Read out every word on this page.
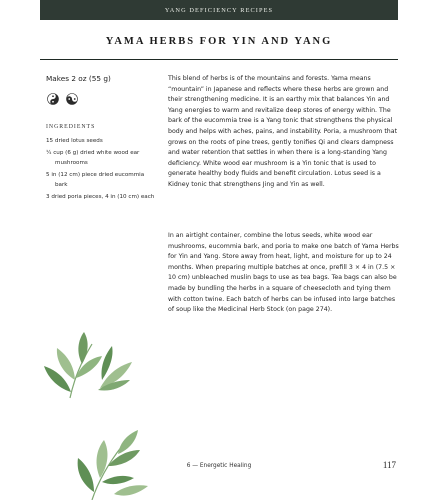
YANG DEFICIENCY RECIPES
YAMA HERBS FOR YIN AND YANG
Makes 2 oz (55 g)
INGREDIENTS
15 dried lotus seeds
¼ cup (6 g) dried white wood ear mushrooms
5 in (12 cm) piece dried eucommia bark
3 dried poria pieces, 4 in (10 cm) each

This blend of herbs is of the mountains and forests. Yama means “mountain” in Japanese and reflects where these herbs are grown and their strengthening medicine. It is an earthy mix that balances Yin and Yang energies to warm and revitalize deep stores of energy within. The bark of the eucommia tree is a Yang tonic that strengthens the physical body and helps with aches, pains, and instability. Poria, a mushroom that grows on the roots of pine trees, gently tonifies Qi and clears dampness and water retention that settles in when there is a long-standing Yang deficiency. White wood ear mushroom is a Yin tonic that is used to generate healthy body fluids and benefit circulation. Lotus seed is a Kidney tonic that strengthens Jing and Yin as well.

In an airtight container, combine the lotus seeds, white wood ear mushrooms, eucommia bark, and poria to make one batch of Yama Herbs for Yin and Yang. Store away from heat, light, and moisture for up to 24 months. When preparing multiple batches at once, prefill 3 × 4 in (7.5 × 10 cm) unbleached muslin bags to use as tea bags. Tea bags can also be made by bundling the herbs in a square of cheesecloth and tying them with cotton twine. Each batch of herbs can be infused into large batches of soup like the Medicinal Herb Stock (on page 274).

6 — Energetic Healing	117
